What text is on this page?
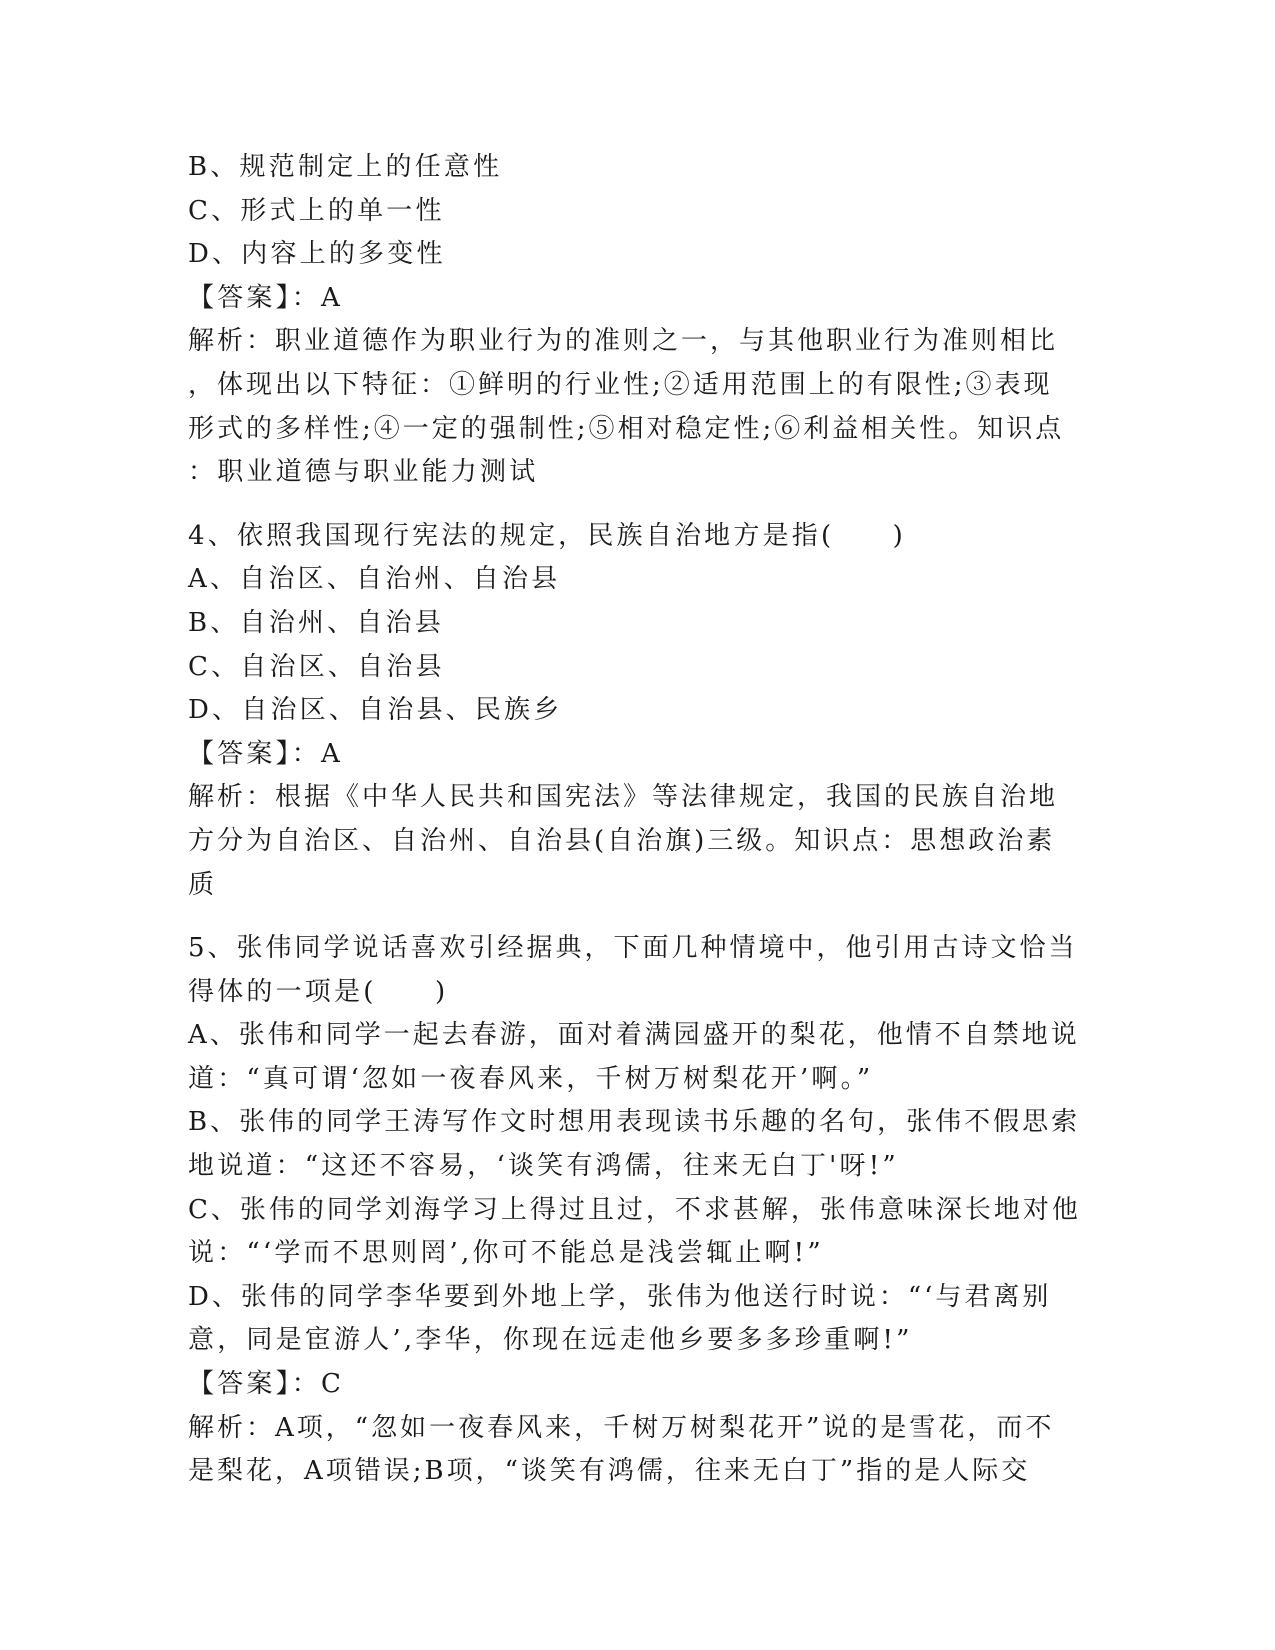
B、规范制定上的任意性
C、形式上的单一性
D、内容上的多变性
【答案】：A
解析：职业道德作为职业行为的准则之一，与其他职业行为准则相比
，体现出以下特征：①鲜明的行业性;②适用范围上的有限性;③表现
形式的多样性;④一定的强制性;⑤相对稳定性;⑥利益相关性。知识点
：职业道德与职业能力测试
4、依照我国现行宪法的规定，民族自治地方是指(　　)
A、自治区、自治州、自治县
B、自治州、自治县
C、自治区、自治县
D、自治区、自治县、民族乡
【答案】：A
解析：根据《中华人民共和国宪法》等法律规定，我国的民族自治地
方分为自治区、自治州、自治县(自治旗)三级。知识点：思想政治素
质
5、张伟同学说话喜欢引经据典，下面几种情境中，他引用古诗文恰当
得体的一项是(　　)
A、张伟和同学一起去春游，面对着满园盛开的梨花，他情不自禁地说
道：“真可谓‘忽如一夜春风来，千树万树梨花开’啊。”
B、张伟的同学王涛写作文时想用表现读书乐趣的名句，张伟不假思索
地说道：“这还不容易，‘谈笑有鸿儒，往来无白丁'呀!”
C、张伟的同学刘海学习上得过且过，不求甚解，张伟意味深长地对他
说：“‘学而不思则罔’,你可不能总是浅尝辄止啊!”
D、张伟的同学李华要到外地上学，张伟为他送行时说：“‘与君离别
意，同是宦游人’,李华，你现在远走他乡要多多珍重啊!”
【答案】：C
解析：A项，“忽如一夜春风来，千树万树梨花开”说的是雪花，而不
是梨花，A项错误;B项，“谈笑有鸿儒，往来无白丁”指的是人际交
